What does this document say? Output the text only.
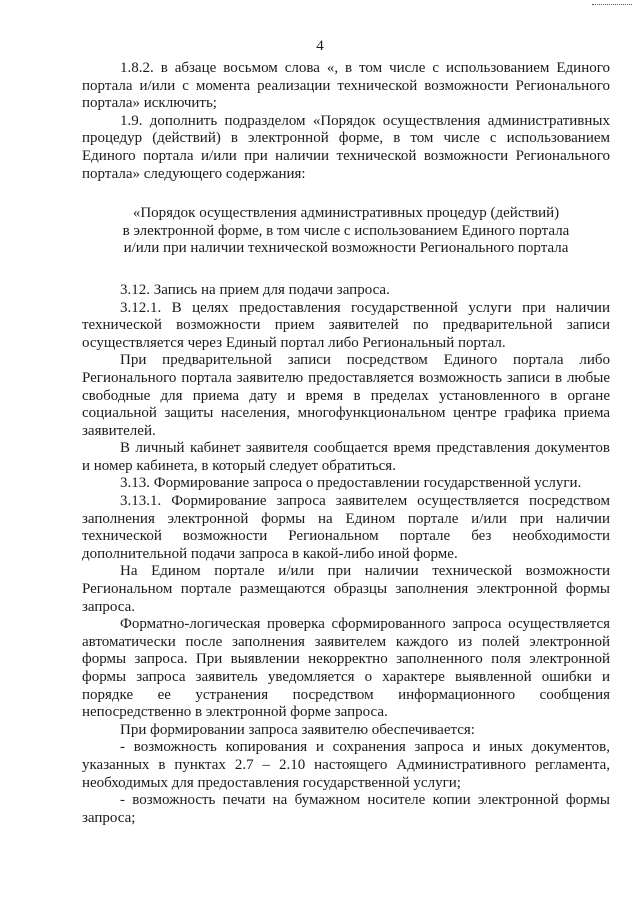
4

1.8.2. в абзаце восьмом слова «, в том числе с использованием Единого портала и/или с момента реализации технической возможности Регионального портала» исключить;

1.9. дополнить подразделом «Порядок осуществления административных процедур (действий) в электронной форме, в том числе с использованием Единого портала и/или при наличии технической возможности Регионального портала» следующего содержания:

«Порядок осуществления административных процедур (действий)
в электронной форме, в том числе с использованием Единого портала
и/или при наличии технической возможности Регионального портала

3.12. Запись на прием для подачи запроса.

3.12.1. В целях предоставления государственной услуги при наличии технической возможности прием заявителей по предварительной записи осуществляется через Единый портал либо Региональный портал.

При предварительной записи посредством Единого портала либо Регионального портала заявителю предоставляется возможность записи в любые свободные для приема дату и время в пределах установленного в органе социальной защиты населения, многофункциональном центре графика приема заявителей.

В личный кабинет заявителя сообщается время представления документов и номер кабинета, в который следует обратиться.

3.13. Формирование запроса о предоставлении государственной услуги.

3.13.1. Формирование запроса заявителем осуществляется посредством заполнения электронной формы на Едином портале и/или при наличии технической возможности Региональном портале без необходимости дополнительной подачи запроса в какой-либо иной форме.

На Едином портале и/или при наличии технической возможности Региональном портале размещаются образцы заполнения электронной формы запроса.

Форматно-логическая проверка сформированного запроса осуществляется автоматически после заполнения заявителем каждого из полей электронной формы запроса. При выявлении некорректно заполненного поля электронной формы запроса заявитель уведомляется о характере выявленной ошибки и порядке ее устранения посредством информационного сообщения непосредственно в электронной форме запроса.

При формировании запроса заявителю обеспечивается:

- возможность копирования и сохранения запроса и иных документов, указанных в пунктах 2.7 – 2.10 настоящего Административного регламента, необходимых для предоставления государственной услуги;

- возможность печати на бумажном носителе копии электронной формы запроса;
